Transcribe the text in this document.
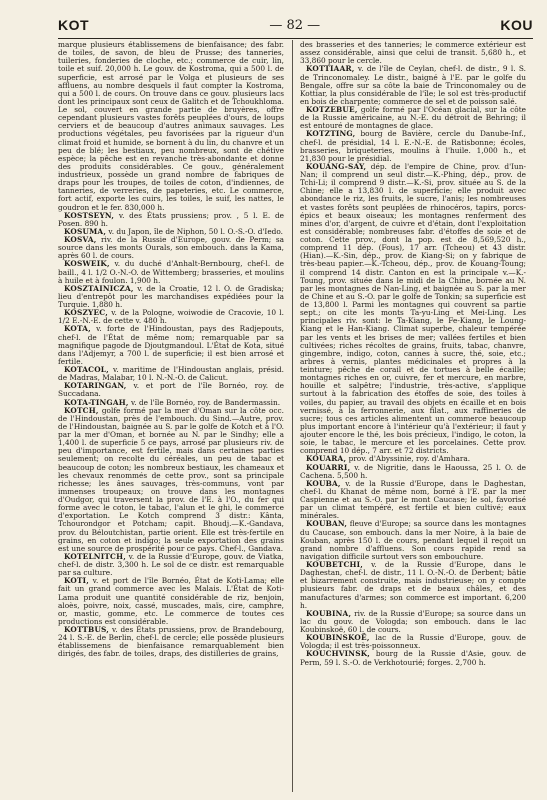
KOT	— 82 —	KOU

marque plusieurs établissemens de bienfaisance; des fabr. de toiles, de savon, de bleu de Prusse; des tanneries, tuileries, fonderies de cloche, etc.; commerce de cuir, lin, toile et suif. 20,000 h. Le gouv. de Kostroma, qui a 500 l. de superficie, est arrosé par le Volga et plusieurs de ses affluens, au nombre desquels il faut compter la Kostroma, qui a 500 l. de cours. On trouve dans ce gouv. plusieurs lacs dont les principaux sont ceux de Galitch et de Tchoukhloma. Le sol, couvert en grande partie de bruyères, offre cependant plusieurs vastes forêts peuplées d'ours, de loups cerviers et de beaucoup d'autres animaux sauvages. Les productions végétales, peu favorisées par la rigueur d'un climat froid et humide, se bornent à du lin, du chanvre et un peu de blé; les bestiaux, peu nombreux, sont de chétive espèce; la pêche est en revanche très-abondante et donne des produits considérables. Ce gouv., généralement industrieux, possède un grand nombre de fabriques de draps pour les troupes, de toiles de coton, d'indiennes, de tanneries, de verreries, de papeteries, etc. Le commerce, fort actif, exporte les cuirs, les toiles, le suif, les nattes, le goudron et le fer. 830,000 h.

KOSTSEYN, v. des États prussiens; prov. , 5 l. E. de Posen. 890 h.

KOSUMA, v. du Japon, île de Niphon, 50 l. O.-S.-O. d'Iedo.

KOSVA, riv. de la Russie d'Europe, gouv. de Perm; sa source dans les monts Ourals, son embouch. dans la Kama, après 60 l. de cours.

KOSWEIK, v. du duché d'Anhalt-Bernbourg, chef-l. de baill., 4 l. 1/2 O.-N.-O. de Wittemberg; brasseries, et moulins à huile et à foulon. 1,900 h.

KOSZTAINICZA, v. de la Croatie, 12 l. O. de Gradiska; lieu d'entrepôt pour les marchandises expédiées pour la Turquie. 1,880 h.

KOSZYEC, v. de la Pologne, woiwodie de Cracovie, 10 l. 1/2 E.-N.-E. de cette v. 480 h.

KOTA, v. forte de l'Hindoustan, pays des Radjepouts, chef-l. de l'État de même nom; remarquable par sa magnifique pagode de Djoutgmandoul. L'État de Kota, situé dans l'Adjemyr, a 700 l. de superficie; il est bien arrosé et fertile.

KOTACOL, v. maritime de l'Hindoustan anglais, présid. de Madras, Malabar, 10 l. N.-N.-O. de Calicut.

KOTARINGAN, v. et port de l'île Bornéo, roy. de Succadana.

KOTA-TINGAH, v. de l'île Bornéo, roy. de Bandermassin.

KOTCH, golfe formé par la mer d'Oman sur la côte occ. de l'Hindoustan, près de l'embouch. du Sind.—Autre, prov. de l'Hindoustan, baignée au S. par le golfe de Kotch et à l'O. par la mer d'Oman, et bornée au N. par le Sindhy; elle a 1,400 l. de superficie 5 ce pays, arrosé par plusieurs riv. de peu d'importance, est fertile, mais dans certaines parties seulement; on recolte du céréales, un peu de tabac et beaucoup de coton; les nombreux bestiaux, les chameaux et les chevaux renommés de cette prov., sont sa principale richesse; les ânes sauvages, très-communs, vont par immenses troupeaux; on trouve dans les montagnes d'Oudgor, qui traversent la prov. de l'E. à l'O., du fer qui forme avec le coton, le tabac, l'alun et le ghi, le commerce d'exportation. Le Kotch comprend 3 distr.: Kânta, Tchourondgor et Potcham; capit. Bhoudj.—K.-Gandava, prov. du Béloutchistan, partie orient. Elle est très-fertile en grains, en coton et indigo; la seule exportation des grains est une source de prospérité pour ce pays. Chef-l., Gandava.

KOTELNITCH, v. de la Russie d'Europe, gouv. de Viatka, chef-l. de distr. 3,300 h. Le sol de ce distr. est remarquable par sa culture.

KOTI, v. et port de l'île Bornéo, État de Koti-Lama; elle fait un grand commerce avec les Malais. L'État de Koti-Lama produit une quantité considérable de riz, benjoin, aloès, poivre, noix, cassé, muscades, maïs, cire, camphre, or, mastic, gomme, etc. Le commerce de toutes ces productions est considérable.

KOTTBUS, v. des États prussiens, prov. de Brandebourg, 24 l. S.-E. de Berlin, chef-l. de cercle; elle possède plusieurs établissemens de bienfaisance remarquablement bien dirigés, des fabr. de toiles, draps, des distilleries de grains,

des brasseries et des tanneries; le commerce extérieur est assez considérable, ainsi que celui de transit. 5,680 h., et 33,860 pour le cercle.

KOTTIAAR, v. de l'île de Ceylan, chef-l. de distr., 9 l. S. de Trinconomaley. Le distr., baigné à l'E. par le golfe du Bengale, offre sur sa côte la baie de Trinconomaley ou de Kottiar, la plus considérable de l'île; le sol est très-productif en bois de charpente; commerce de sel et de poisson salé.

KOTZEBUE, golfe formé par l'Océan glacial, sur la côte de la Russie américaine, au N.-E. du détroit de Behring; il est entouré de montagnes de glace.

KOTZTING, bourg de Bavière, cercle du Danube-Inf., chef-l. de présidial, 14 l. E.-N.-E. de Ratisbonne; écoles, brasseries, briqueteries, moulins à l'huile. 1,000 h., et 21,830 pour le présidial.

KOUANG-SAY, dép. de l'empire de Chine, prov. d'Iun-Nan; il comprend un seul distr.—K.-Phing, dép., prov. de Tchi-Li; il comprend 9 distr.—K.-Si, prov. située au S. de la Chine; elle a 13,830 l. de superficie; elle produit avec abondance le riz, les fruits, le sucre, l'anis; les nombreuses et vastes forêts sont peuplées de rhinocéros, tapirs, porcs-épics et beaux oiseaux; les montagnes renferment des mines d'or, d'argent, de cuivre et d'étain, dont l'exploitation est considérable; nombreuses fabr. d'étoffes de soie et de coton. Cette prov., dont la pop. est de 8,569,520 h., comprend 11 dép. (Fous), 17 arr. (Tcheou) et 43 distr. (Hian).—K.-Sin, dép., prov. de Kiang-Si; on y fabrique de très-beau papier.—K.-Tcheou, dép., prov. de Kouang-Toung; il comprend 14 distr. Canton en est la principale v.—K.-Toung, prov. située dans le midi de la Chine, bornée au N. par les montagnes de Nan-Ling, et baignée au S. par la mer de Chine et au S.-O. par le golfe de Tonkin; sa superficie est de 13,800 l. Parmi les montagnes qui couvrent sa partie sept.; on cite les monts Ta-yu-Ling et Mei-Ling. Les principales riv. sont: le Ta-Kiang, le Fe-Kiang, le Loung-Kiang et le Han-Kiang. Climat superbe, chaleur tempérée par les vents et les brises de mer; vallées fertiles et bien cultivées; riches récoltes de grains, fruits, tabac, chanvre, gingembre, indigo, coton, cannes à sucre, thé, soie, etc.; arbres à vernis, plantes médicinales et propres à la teinture; pêche de corail et de tortues à belle écaille; montagnes riches en or, cuivre, fer et mercure, en marbre, houille et salpêtre; l'industrie, très-active, s'applique surtout à la fabrication des étoffes de soie, des toiles à voiles, du papier, au travail des objets en écaille et en bois vernissé, à la ferronnerie, aux filat., aux raffineries de sucre; tous ces articles alimentent un commerce beaucoup plus important encore à l'intérieur qu'à l'extérieur; il faut y ajouter encore le thé, les bois précieux, l'indigo, le coton, la soie, le tabac, le mercure et les porcelaines. Cette prov. comprend 10 dép., 7 arr. et 72 districts.

KOUARA, prov. d'Abyssinie, roy. d'Amhara.

KOUARRI, v. de Nigritie, dans le Haoussa, 25 l. O. de Cachena. 5,500 h.

KOUBA, v. de la Russie d'Europe, dans le Daghestan, chef-l. du Khanat de même nom, borné à l'E. par la mer Caspienne et au S.-O. par le mont Caucase; le sol, favorisé par un climat tempéré, est fertile et bien cultivé; eaux minérales.

KOUBAN, fleuve d'Europe; sa source dans les montagnes du Caucase, son embouch. dans la mer Noire, à la baie de Kouban, après 150 l. de cours, pendant lequel il reçoit un grand nombre d'affluens. Son cours rapide rend sa navigation difficile surtout vers son embouchure.

KOUBETCHI, v. de la Russie d'Europe, dans le Daghestan, chef-l. de distr., 11 l. O.-N.-O. de Derbent; bâtie et bizarrement construite, mais industrieuse; on y compte plusieurs fabr. de draps et de beaux châles, et des manufactures d'armes; son commerce est important. 6,200 h.

KOUBINA, riv. de la Russie d'Europe; sa source dans un lac du gouv. de Vologda; son embouch. dans le lac Koubinskoë, 60 l. de cours.

KOUBINSKOË, lac de la Russie d'Europe, gouv. de Vologda; il est très-poissonneux.

KOUCHVINSK, bourg de la Russie d'Asie, gouv. de Perm, 59 l. S.-O. de Verkhotourié; forges. 2,700 h.
